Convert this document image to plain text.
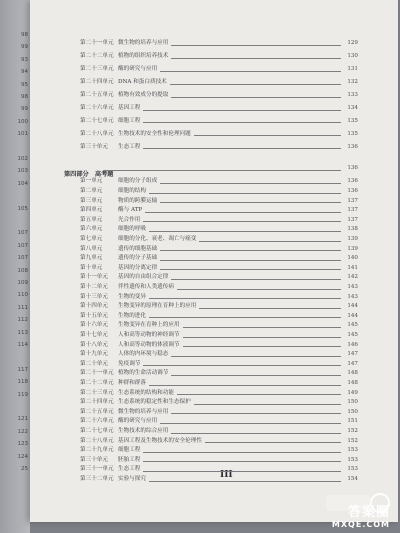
98
99
93
94
95
98
99
100
101
102
103
104
105
107
107
107
108
109
110
111
112
113
114
117
118
119
121
122
123
124
25
第四部分　高考题
III
第二十一单元 微生物的培养与应用	129
第二十二单元 植物的组织培养技术	130
第二十三单元 酶的研究与应用	131
第二十四单元 DNA 和蛋白质技术	132
第二十五单元 植物有效成分的提取	133
第二十六单元 基因工程	134
第二十七单元 细胞工程	135
第二十八单元 生物技术的安全性和伦理问题	135
第三十单元	生态工程	136
136
第一单元	细胞的分子组成	136
第二单元	细胞的结构	136
第三单元	物质的跨膜运输	137
第四单元	酶与 ATP	137
第五单元	光合作用	137
第六单元	细胞的呼吸	138
第七单元	细胞的分化、衰老、凋亡与癌变	139
第八单元	遗传的细胞基础	139
第九单元	遗传的分子基础	140
第十单元	基因的分离定律	141
第十一单元	基因的自由组合定律	142
第十二单元	伴性遗传和人类遗传病	143
第十三单元	生物的变异	143
第十四单元	生物变异的原理在育种上的应用	144
第十五单元	生物的进化	144
第十六单元	生物变异在育种上的应用	145
第十七单元	人和高等动物的神经调节	145
第十八单元	人和高等动物的体液调节	146
第十九单元	人体的内环境与稳态	147
第二十单元	免疫调节	147
第二十一单元 植物的生命活动调节	148
第二十二单元 种群和群落	148
第二十三单元 生态系统的结构和功能	149
第二十四单元 生态系统的稳定性和生态保护	150
第二十五单元 微生物的培养与应用	150
第二十六单元 酶的研究与应用	151
第二十七单元 生物技术的综合应用	152
第二十八单元 基因工程及生物技术的安全伦理性	152
第二十九单元 细胞工程	153
第三十单元	胚胎工程	153
第三十一单元 生态工程	153
第三十二单元 实验与探究	154
答案圈
MXQE.COM
